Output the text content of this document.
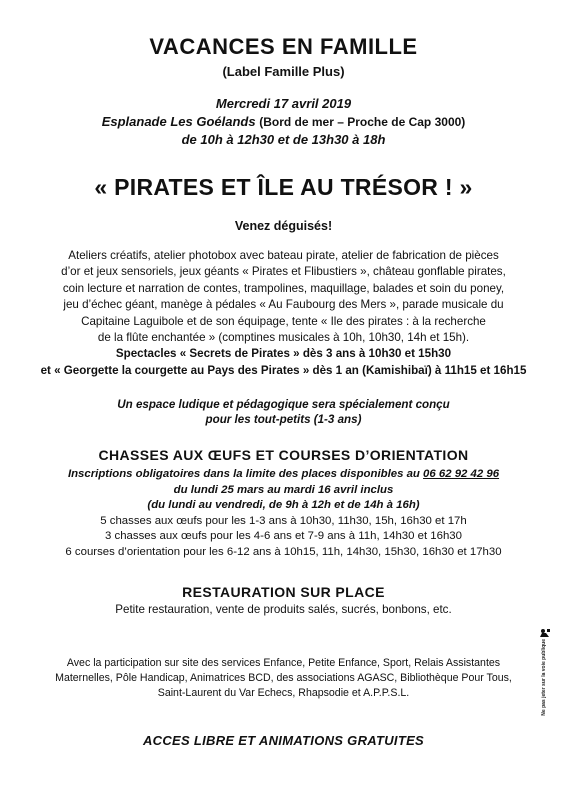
VACANCES EN FAMILLE
(Label Famille Plus)
Mercredi 17 avril 2019
Esplanade Les Goélands (Bord de mer – Proche de Cap 3000)
de 10h à 12h30 et de 13h30 à 18h
« PIRATES ET ÎLE AU TRÉSOR ! »
Venez déguisés!
Ateliers créatifs, atelier photobox avec bateau pirate, atelier de fabrication de pièces
d’or et jeux sensoriels, jeux géants « Pirates et Flibustiers », château gonflable pirates,
coin lecture et narration de contes, trampolines, maquillage, balades et soin du poney,
jeu d’échec géant, manège à pédales « Au Faubourg des Mers », parade musicale du
Capitaine Laguibole et de son équipage, tente « Ile des pirates : à la recherche
de la flûte enchantée » (comptines musicales à 10h, 10h30, 14h et 15h).
Spectacles « Secrets de Pirates » dès 3 ans à 10h30 et 15h30
et « Georgette la courgette au Pays des Pirates » dès 1 an (Kamishibaï) à 11h15 et 16h15
Un espace ludique et pédagogique sera spécialement conçu
pour les tout-petits (1-3 ans)
CHASSES AUX ŒUFS ET COURSES D’ORIENTATION
Inscriptions obligatoires dans la limite des places disponibles au 06 62 92 42 96
du lundi 25 mars au mardi 16 avril inclus
(du lundi au vendredi, de 9h à 12h et de 14h à 16h)
5 chasses aux œufs pour les 1-3 ans à 10h30, 11h30, 15h, 16h30 et 17h
3 chasses aux œufs pour les 4-6 ans et 7-9 ans à 11h, 14h30 et 16h30
6 courses d’orientation pour les 6-12 ans à 10h15, 11h, 14h30, 15h30, 16h30 et 17h30
RESTAURATION SUR PLACE
Petite restauration, vente de produits salés, sucrés, bonbons, etc.
Avec la participation sur site des services Enfance, Petite Enfance, Sport, Relais Assistantes
Maternelles, Pôle Handicap, Animatrices BCD, des associations AGASC, Bibliothèque Pour Tous,
Saint-Laurent du Var Echecs, Rhapsodie et A.P.P.S.L.
ACCES LIBRE ET ANIMATIONS GRATUITES
Ne pas jeter sur la voie publique
